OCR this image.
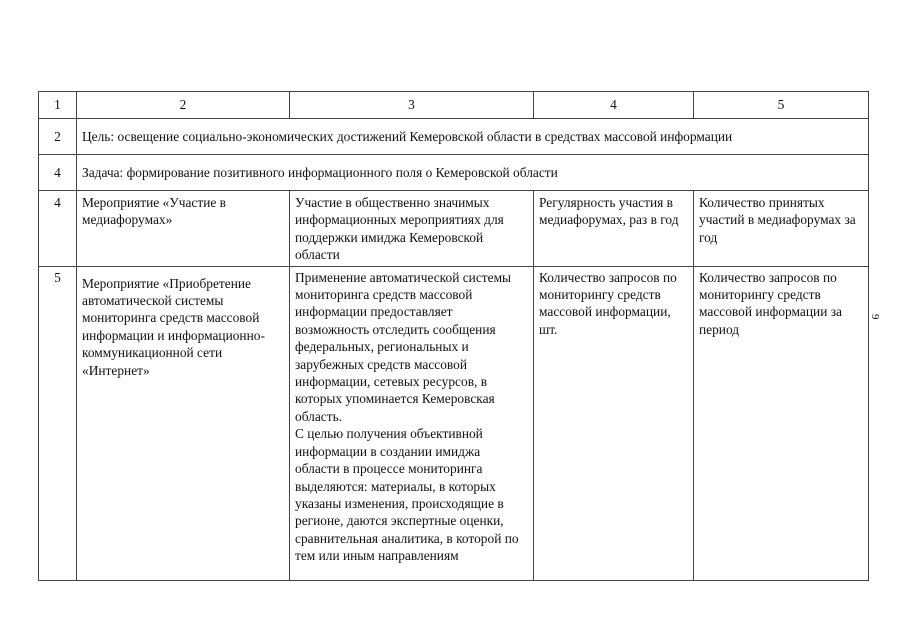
1	2	3	4	5
2	Цель: освещение социально-экономических достижений Кемеровской области в средствах массовой информации			
4	Задача: формирование позитивного информационного поля о Кемеровской области			
4	Мероприятие «Участие в медиафорумах»	Участие в общественно значимых информационных мероприятиях для поддержки имиджа Кемеровской области	Регулярность участия в медиафорумах, раз в год	Количество принятых участий в медиафорумах за год
5	Мероприятие «Приобретение автоматической системы мониторинга средств массовой информации и информационно-коммуникационной сети «Интернет»	Применение автоматической системы мониторинга средств массовой информации предоставляет возможность отследить сообщения федеральных, региональных и зарубежных средств массовой информации, сетевых ресурсов, в которых упоминается Кемеровская область.
С целью получения объективной информации в создании имиджа области в процессе мониторинга выделяются: материалы, в которых указаны изменения, происходящие в регионе, даются экспертные оценки, сравнительная аналитика, в которой по тем или иным направлениям	Количество запросов по мониторингу средств массовой информации, шт.	Количество запросов по мониторингу средств массовой информации за период
9
